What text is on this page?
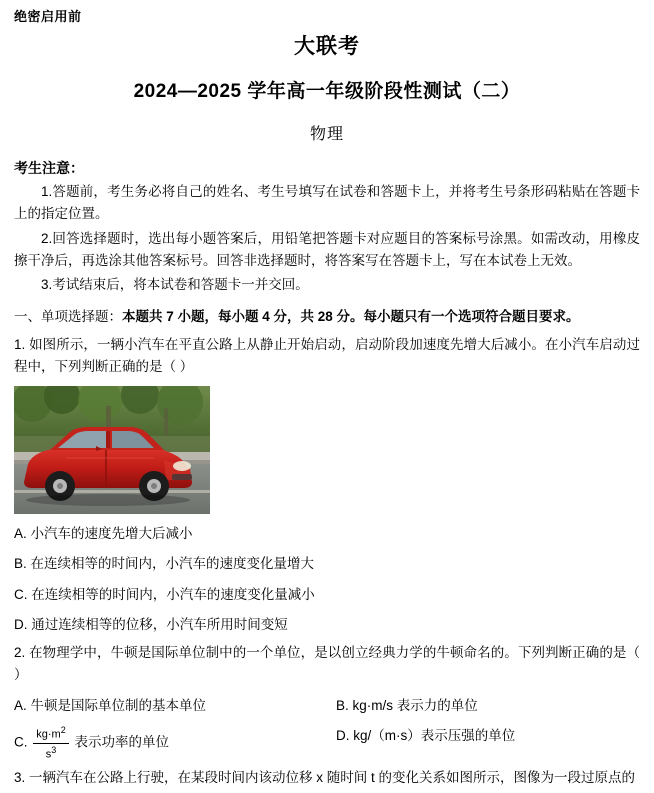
绝密启用前
大联考
2024—2025 学年高一年级阶段性测试（二）
物理
考生注意：
1.答题前，考生务必将自己的姓名、考生号填写在试卷和答题卡上，并将考生号条形码粘贴在答题卡上的指定位置。
2.回答选择题时，选出每小题答案后，用铅笔把答题卡对应题目的答案标号涂黑。如需改动，用橡皮擦干净后，再选涂其他答案标号。回答非选择题时，将答案写在答题卡上，写在本试卷上无效。
3.考试结束后，将本试卷和答题卡一并交回。
一、单项选择题：本题共 7 小题，每小题 4 分，共 28 分。每小题只有一个选项符合题目要求。
1. 如图所示，一辆小汽车在平直公路上从静止开始启动，启动阶段加速度先增大后减小。在小汽车启动过程中，下列判断正确的是（ ）
A. 小汽车的速度先增大后减小
B. 在连续相等的时间内，小汽车的速度变化量增大
C. 在连续相等的时间内，小汽车的速度变化量减小
D. 通过连续相等的位移，小汽车所用时间变短
2. 在物理学中，牛顿是国际单位制中的一个单位，是以创立经典力学的牛顿命名的。下列判断正确的是（ ）
A. 牛顿是国际单位制的基本单位	B. kg·m/s 表示力的单位
C. $\frac{kg\cdot m^2}{s^3}$ 表示功率的单位	D. kg/（m·s）表示压强的单位
3. 一辆汽车在公路上行驶，在某段时间内该动位移 x 随时间 t 的变化关系如图所示，图像为一段过原点的
